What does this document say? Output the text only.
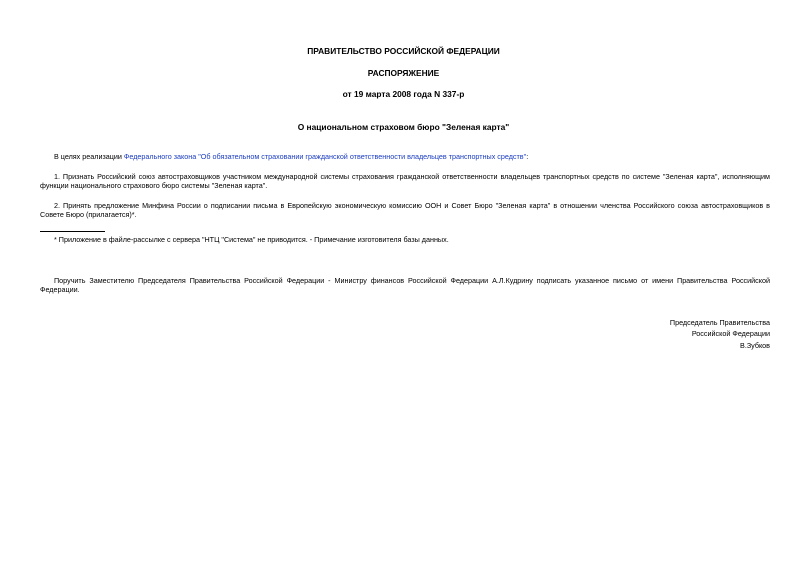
ПРАВИТЕЛЬСТВО РОССИЙСКОЙ ФЕДЕРАЦИИ
РАСПОРЯЖЕНИЕ
от 19 марта 2008 года N 337-р
О национальном страховом бюро "Зеленая карта"
В целях реализации Федерального закона "Об обязательном страховании гражданской ответственности владельцев транспортных средств":
1. Признать Российский союз автостраховщиков участником международной системы страхования гражданской ответственности владельцев транспортных средств по системе "Зеленая карта", исполняющим функции национального страхового бюро системы "Зеленая карта".
2. Принять предложение Минфина России о подписании письма в Европейскую экономическую комиссию ООН и Совет Бюро "Зеленая карта" в отношении членства Российского союза автостраховщиков в Совете Бюро (прилагается)*.
* Приложение в файле-рассылке с сервера "НТЦ "Система" не приводится. - Примечание изготовителя базы данных.
Поручить Заместителю Председателя Правительства Российской Федерации - Министру финансов Российской Федерации А.Л.Кудрину подписать указанное письмо от имени Правительства Российской Федерации.
Председатель Правительства
Российской Федерации
В.Зубков
